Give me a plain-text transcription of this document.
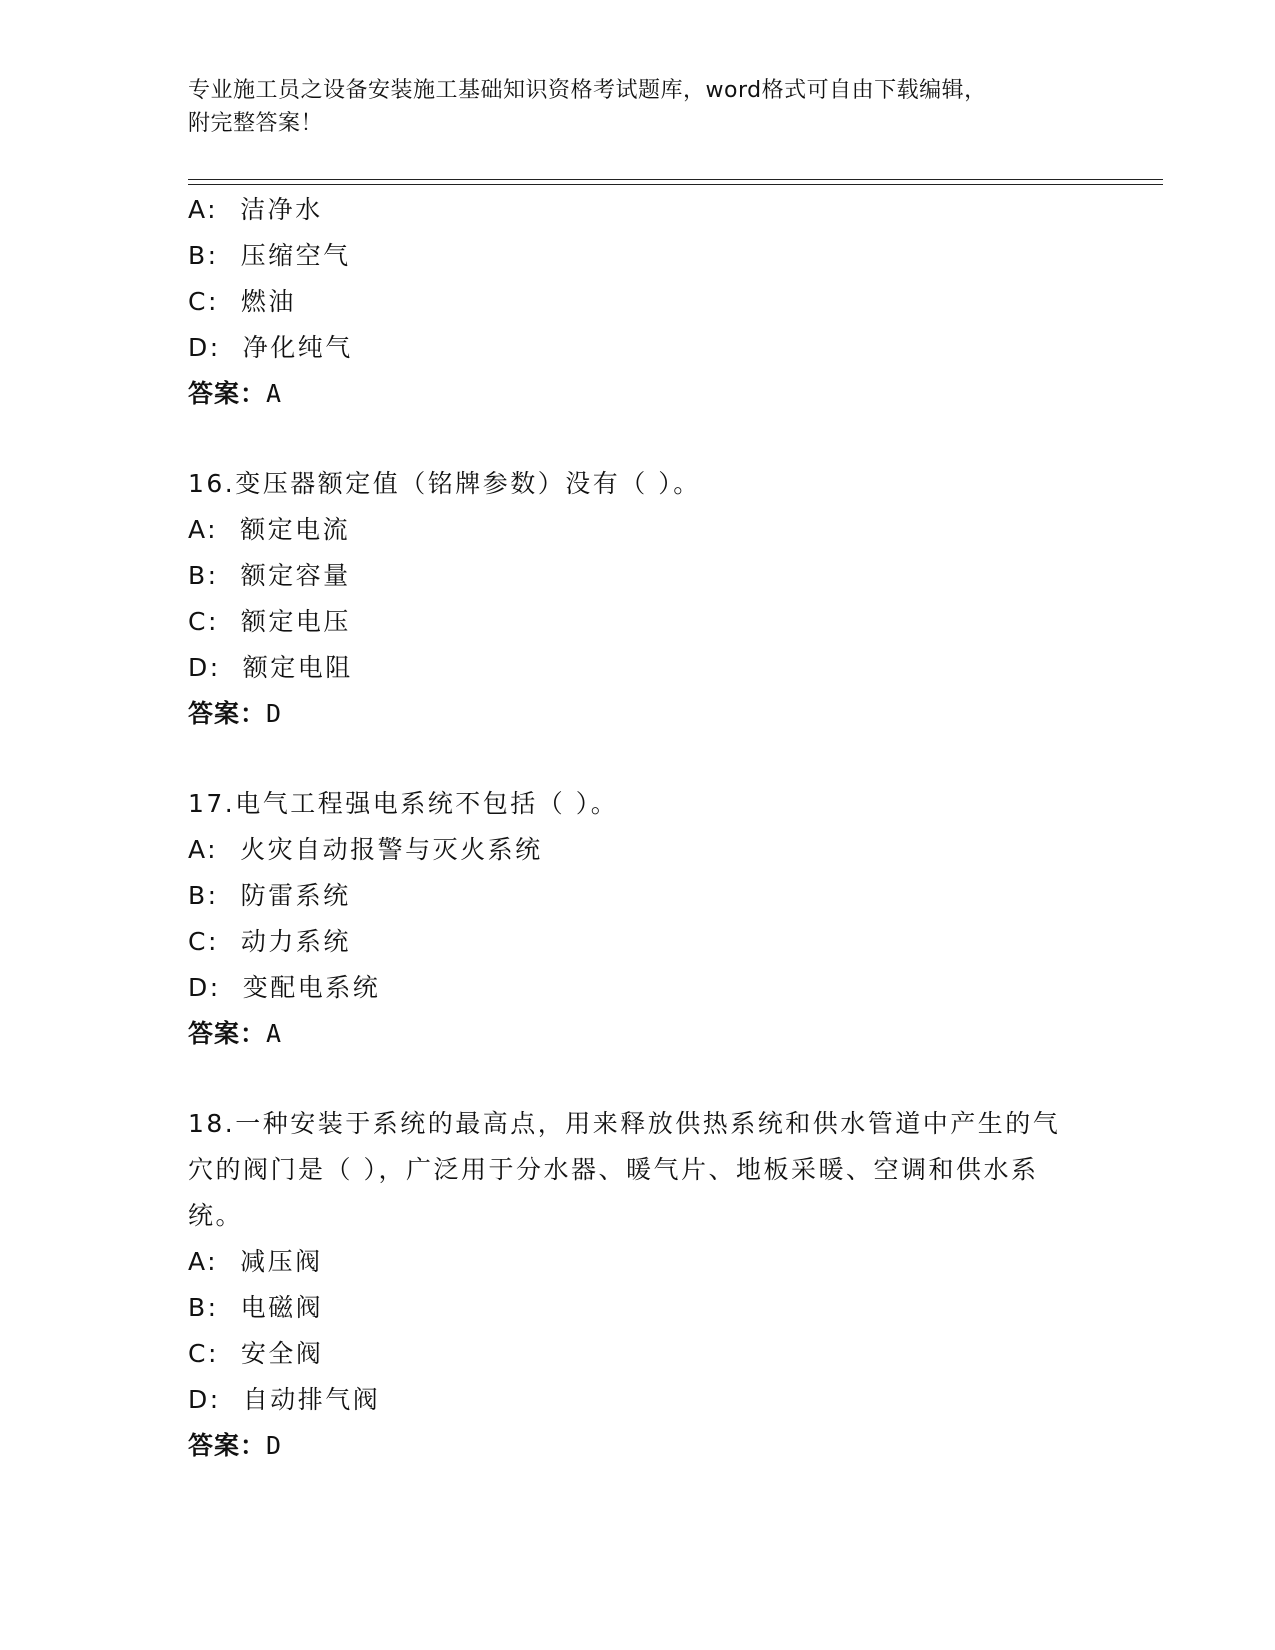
专业施工员之设备安装施工基础知识资格考试题库，word格式可自由下载编辑，
附完整答案！
A: 洁净水
B: 压缩空气
C: 燃油
D: 净化纯气
答案：A
16.变压器额定值（铭牌参数）没有（ ）。
A: 额定电流
B: 额定容量
C: 额定电压
D: 额定电阻
答案：D
17.电气工程强电系统不包括（ ）。
A: 火灾自动报警与灭火系统
B: 防雷系统
C: 动力系统
D: 变配电系统
答案：A
18.一种安装于系统的最高点，用来释放供热系统和供水管道中产生的气穴的阀门是（ ），广泛用于分水器、暖气片、地板采暖、空调和供水系统。
A: 减压阀
B: 电磁阀
C: 安全阀
D: 自动排气阀
答案：D
